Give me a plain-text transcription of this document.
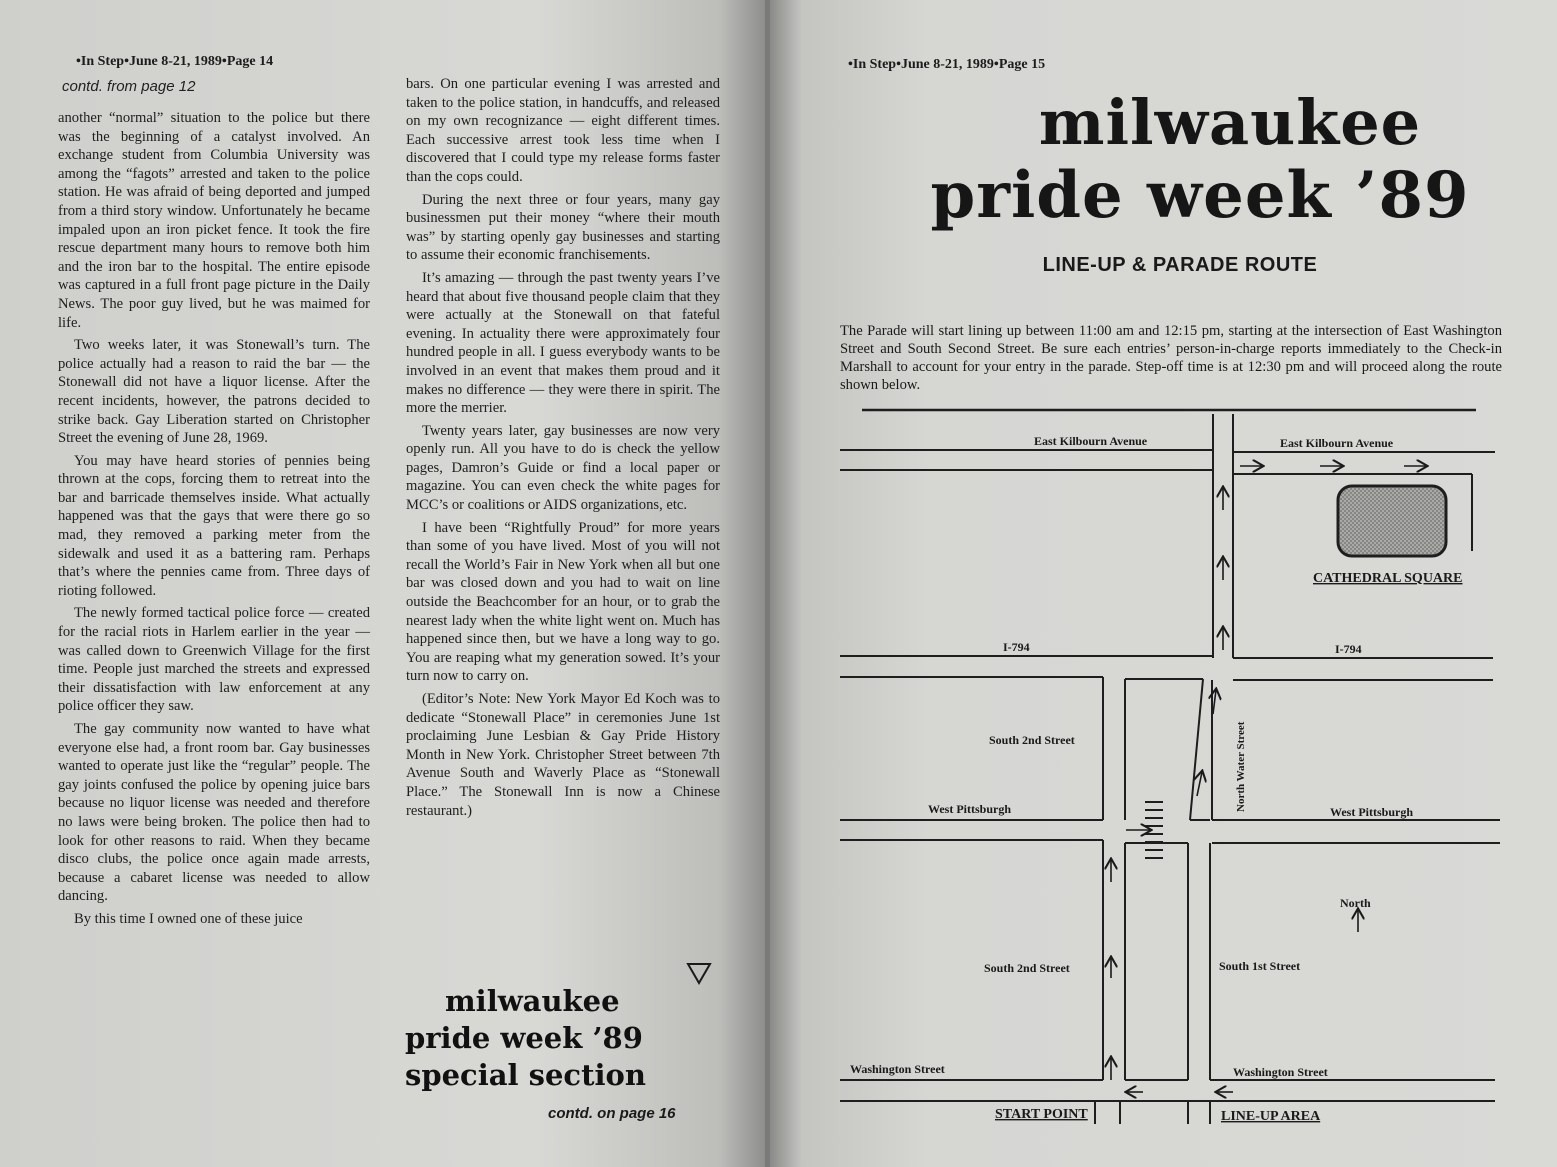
•In Step•June 8-21, 1989•Page 14
contd. from page 12

another “normal” situation to the police but there was the beginning of a catalyst involved. An exchange student from Columbia University was among the “fagots” arrested and taken to the police station. He was afraid of being deported and jumped from a third story window. Unfortunately he became impaled upon an iron picket fence. It took the fire rescue department many hours to remove both him and the iron bar to the hospital. The entire episode was captured in a full front page picture in the Daily News. The poor guy lived, but he was maimed for life.

Two weeks later, it was Stonewall’s turn. The police actually had a reason to raid the bar — the Stonewall did not have a liquor license. After the recent incidents, however, the patrons decided to strike back. Gay Liberation started on Christopher Street the evening of June 28, 1969.

You may have heard stories of pennies being thrown at the cops, forcing them to retreat into the bar and barricade themselves inside. What actually happened was that the gays that were there go so mad, they removed a parking meter from the sidewalk and used it as a battering ram. Perhaps that’s where the pennies came from. Three days of rioting followed.

The newly formed tactical police force — created for the racial riots in Harlem earlier in the year — was called down to Greenwich Village for the first time. People just marched the streets and expressed their dissatisfaction with law enforcement at any police officer they saw.

The gay community now wanted to have what everyone else had, a front room bar. Gay businesses wanted to operate just like the “regular” people. The gay joints confused the police by opening juice bars because no liquor license was needed and therefore no laws were being broken. The police then had to look for other reasons to raid. When they became disco clubs, the police once again made arrests, because a cabaret license was needed to allow dancing.

By this time I owned one of these juice

bars. On one particular evening I was arrested and taken to the police station, in handcuffs, and released on my own recognizance — eight different times. Each successive arrest took less time when I discovered that I could type my release forms faster than the cops could.

During the next three or four years, many gay businessmen put their money “where their mouth was” by starting openly gay businesses and starting to assume their economic franchisements.

It’s amazing — through the past twenty years I’ve heard that about five thousand people claim that they were actually at the Stonewall on that fateful evening. In actuality there were approximately four hundred people in all. I guess everybody wants to be involved in an event that makes them proud and it makes no difference — they were there in spirit. The more the merrier.

Twenty years later, gay businesses are now very openly run. All you have to do is check the yellow pages, Damron’s Guide or find a local paper or magazine. You can even check the white pages for MCC’s or coalitions or AIDS organizations, etc.

I have been “Rightfully Proud” for more years than some of you have lived. Most of you will not recall the World’s Fair in New York when all but one bar was closed down and you had to wait on line outside the Beachcomber for an hour, or to grab the nearest lady when the white light went on. Much has happened since then, but we have a long way to go. You are reaping what my generation sowed. It’s your turn now to carry on.

(Editor’s Note: New York Mayor Ed Koch was to dedicate “Stonewall Place” in ceremonies June 1st proclaiming June Lesbian & Gay Pride History Month in New York. Christopher Street between 7th Avenue South and Waverly Place as “Stonewall Place.” The Stonewall Inn is now a Chinese restaurant.)

milwaukee
pride week ’89
special section
contd. on page 16
•In Step•June 8-21, 1989•Page 15
milwaukee
pride week ’89
LINE-UP & PARADE ROUTE
The Parade will start lining up between 11:00 am and 12:15 pm, starting at the intersection of East Washington Street and South Second Street. Be sure each entries’ person-in-charge reports immediately to the Check-in Marshall to account for your entry in the parade. Step-off time is at 12:30 pm and will proceed along the route shown below.
East Kilbourn Avenue	East Kilbourn Avenue
CATHEDRAL SQUARE
I-794	I-794
South 2nd Street	North Water Street
West Pittsburgh	West Pittsburgh
North
South 2nd Street	South 1st Street
Washington Street	Washington Street
START POINT	LINE-UP AREA
